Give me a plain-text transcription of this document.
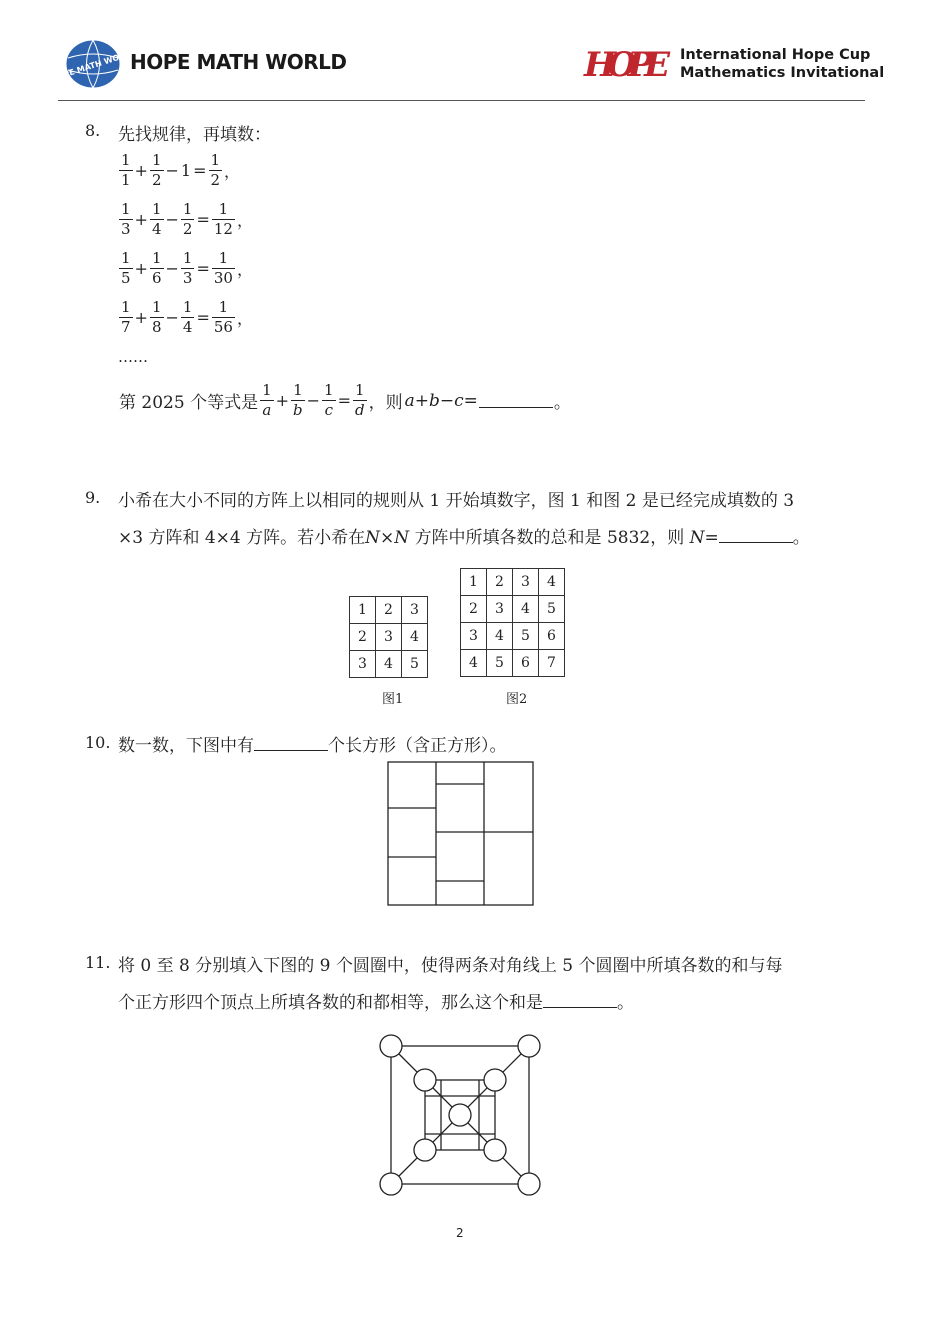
HOPE MATH WORLD
HOPE MATH WORLD	HOPE International Hope Cup
Mathematics Invitational
8. 先找规律，再填数：
$\frac{1}{1} + \frac{1}{2} - 1 = \frac{1}{2}$ ，
$\frac{1}{3} + \frac{1}{4} - \frac{1}{2} = \frac{1}{12}$ ，
$\frac{1}{5} + \frac{1}{6} - \frac{1}{3} = \frac{1}{30}$ ，
$\frac{1}{7} + \frac{1}{8} - \frac{1}{4} = \frac{1}{56}$ ，
……
第 2025 个等式是 $\frac{1}{a} + \frac{1}{b} - \frac{1}{c} = \frac{1}{d}$ ，则 a+b−c=	。
9. 小希在大小不同的方阵上以相同的规则从 1 开始填数字，图 1 和图 2 是已经完成填数的 3
×3 方阵和 4×4 方阵。若小希在N×N 方阵中所填各数的总和是 5832，则 N=	。
1	2	3
2	3	4
3	4	5
图1
1	2	3	4
2	3	4	5
3	4	5	6
4	5	6	7
图2
10. 数一数，下图中有	个长方形（含正方形）。
11. 将 0 至 8 分别填入下图的 9 个圆圈中，使得两条对角线上 5 个圆圈中所填各数的和与每
个正方形四个顶点上所填各数的和都相等，那么这个和是	。
2
